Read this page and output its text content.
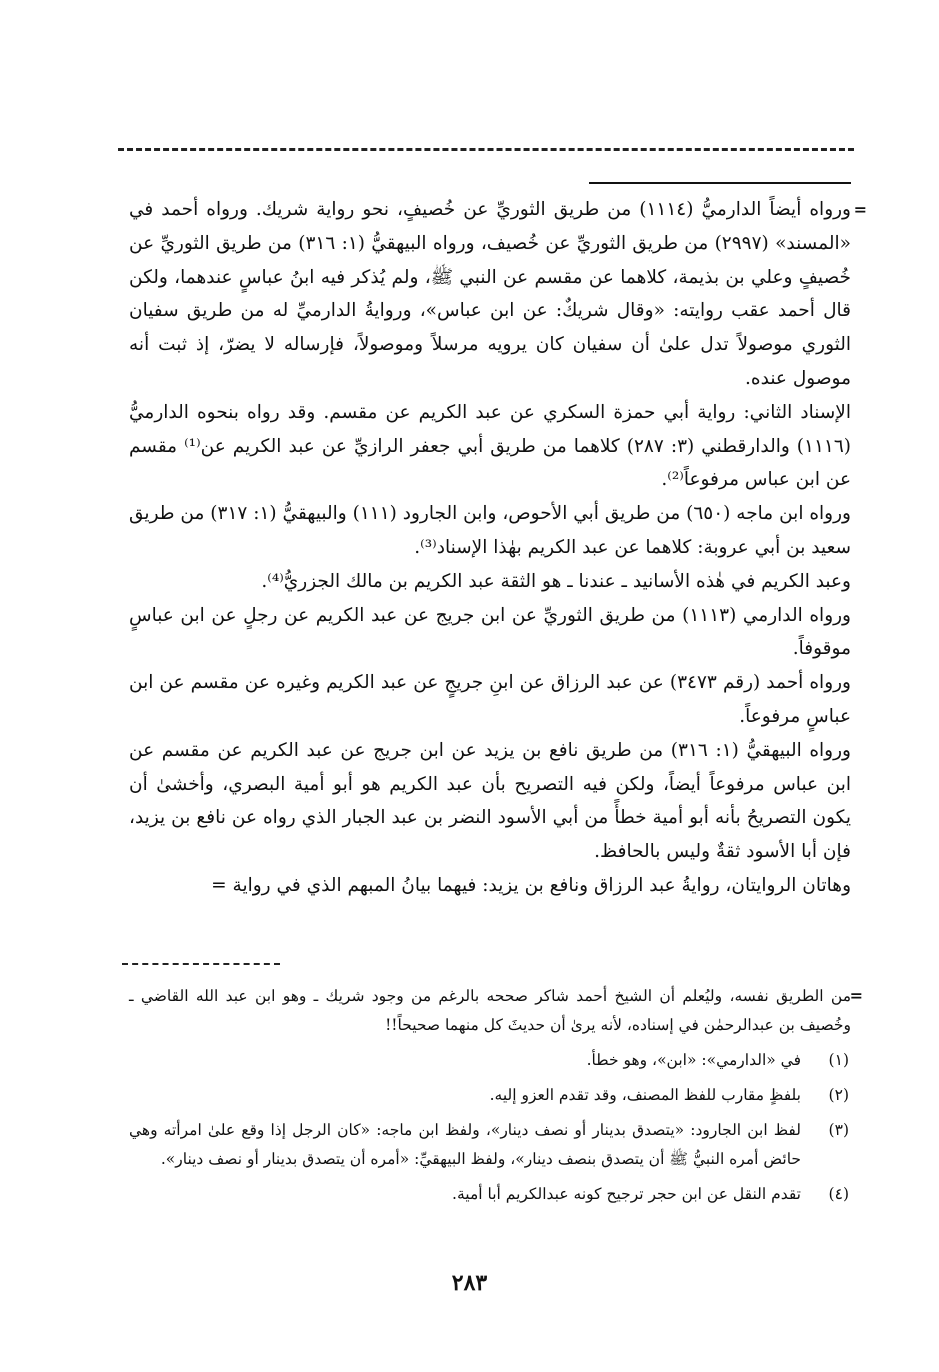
=

ورواه أيضاً الدارميُّ (١١١٤) من طريق الثوريِّ عن خُصيفٍ، نحو رواية شريك. ورواه أحمد في «المسند» (٢٩٩٧) من طريق الثوريِّ عن خُصيف، ورواه البيهقيُّ (١: ٣١٦) من طريق الثوريِّ عن خُصيفٍ وعلي بن بذيمة، كلاهما عن مقسم عن النبي ﷺ، ولم يُذكر فيه ابنُ عباسٍ عندهما، ولكن قال أحمد عقب روايته: «وقال شريكٌ: عن ابن عباس»، وروايةُ الدارميِّ له من طريق سفيان الثوري موصولاً تدل علىٰ أن سفيان كان يرويه مرسلاً وموصولاً، فإرساله لا يضرّ، إذ ثبت أنه موصول عنده.

الإسناد الثاني: رواية أبي حمزة السكري عن عبد الكريم عن مقسم. وقد رواه بنحوه الدارميُّ (١١١٦) والدارقطني (٣: ٢٨٧) كلاهما من طريق أبي جعفر الرازيِّ عن عبد الكريم عن⁽¹⁾ مقسم عن ابن عباس مرفوعاً⁽²⁾.

ورواه ابن ماجه (٦٥٠) من طريق أبي الأحوص، وابن الجارود (١١١) والبيهقيُّ (١: ٣١٧) من طريق سعيد بن أبي عروبة: كلاهما عن عبد الكريم بهٰذا الإسناد⁽³⁾.

وعبد الكريم في هٰذه الأسانيد ـ عندنا ـ هو الثقة عبد الكريم بن مالك الجزريُّ⁽⁴⁾.

ورواه الدارمي (١١١٣) من طريق الثوريِّ عن ابن جريج عن عبد الكريم عن رجلٍ عن ابن عباسٍ موقوفاً.

ورواه أحمد (رقم ٣٤٧٣) عن عبد الرزاق عن ابنِ جريجٍ عن عبد الكريم وغيره عن مقسم عن ابن عباسٍ مرفوعاً.

ورواه البيهقيُّ (١: ٣١٦) من طريق نافع بن يزيد عن ابن جريج عن عبد الكريم عن مقسم عن ابن عباس مرفوعاً أيضاً، ولكن فيه التصريح بأن عبد الكريم هو أبو أمية البصري، وأخشىٰ أن يكون التصريحُ بأنه أبو أمية خطأً من أبي الأسود النضر بن عبد الجبار الذي رواه عن نافع بن يزيد، فإن أبا الأسود ثقةٌ وليس بالحافظ.

وهاتان الروايتان، روايةُ عبد الرزاق ونافع بن يزيد: فيهما بيانُ المبهم الذي في رواية =

=

من الطريق نفسه، وليُعلم أن الشيخ أحمد شاكر صححه بالرغم من وجود شريك ـ وهو ابن عبد الله القاضي ـ وخُصيف بن عبدالرحمٰن في إسناده، لأنه يرىٰ أن حديثَ كل منهما صحيحاً!!

(١)
في «الدارمي»: «ابن»، وهو خطأ.

(٢)
بلفظٍ مقارب للفظ المصنف، وقد تقدم العزو إليه.

(٣)
لفظ ابن الجارود: «يتصدق بدينار أو نصف دينار»، ولفظ ابن ماجه: «كان الرجل إذا وقع علىٰ امرأته وهي حائض أمره النبيُّ ﷺ أن يتصدق بنصف دينار»، ولفظ البيهقيِّ: «أمره أن يتصدق بدينار أو نصف دينار».

(٤)
تقدم النقل عن ابن حجر ترجيح كونه عبدالكريم أبا أمية.

٢٨٣
